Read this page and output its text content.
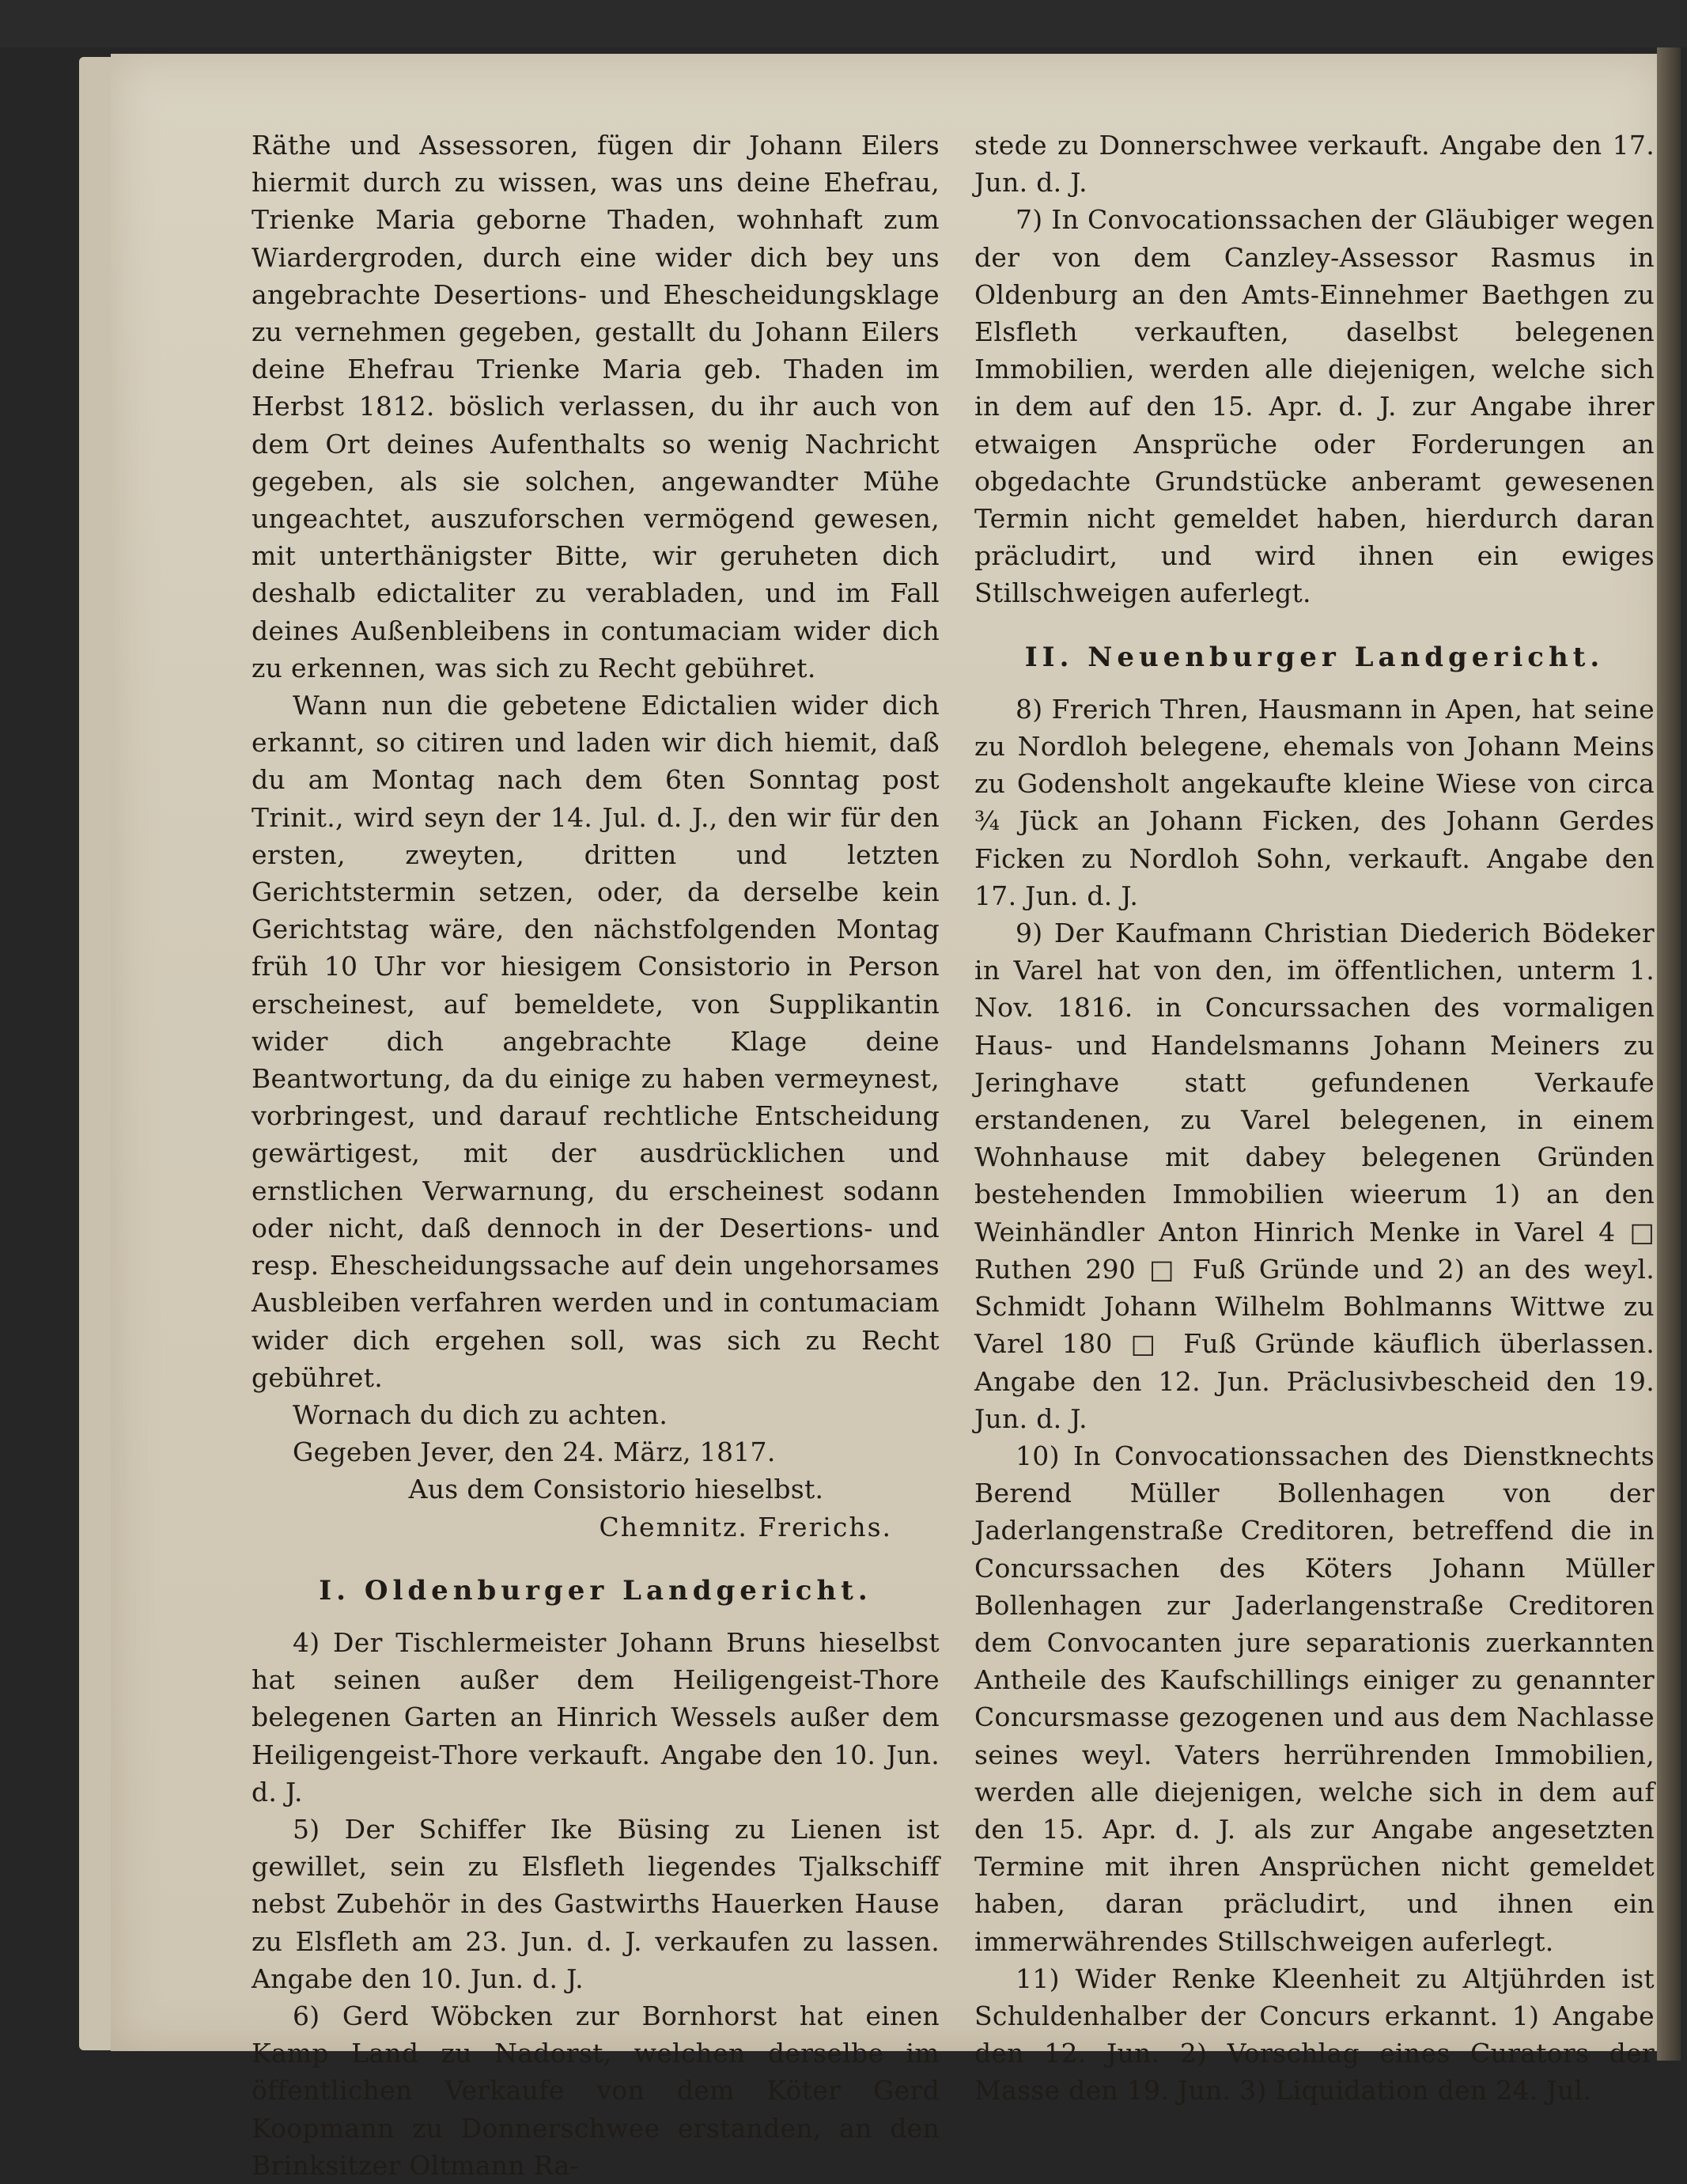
Räthe und Assessoren, fügen dir Johann Eilers hiermit durch zu wissen, was uns deine Ehefrau, Trienke Maria geborne Thaden, wohnhaft zum Wiardergroden, durch eine wider dich bey uns angebrachte Desertions- und Ehescheidungsklage zu vernehmen gegeben, gestallt du Johann Eilers deine Ehefrau Trienke Maria geb. Thaden im Herbst 1812. böslich verlassen, du ihr auch von dem Ort deines Aufenthalts so wenig Nachricht gegeben, als sie solchen, angewandter Mühe ungeachtet, auszuforschen vermögend gewesen, mit unterthänigster Bitte, wir geruheten dich deshalb edictaliter zu verabladen, und im Fall deines Außenbleibens in contumaciam wider dich zu erkennen, was sich zu Recht gebühret.

Wann nun die gebetene Edictalien wider dich erkannt, so citiren und laden wir dich hiemit, daß du am Montag nach dem 6ten Sonntag post Trinit., wird seyn der 14. Jul. d. J., den wir für den ersten, zweyten, dritten und letzten Gerichtstermin setzen, oder, da derselbe kein Gerichtstag wäre, den nächstfolgenden Montag früh 10 Uhr vor hiesigem Consistorio in Person erscheinest, auf bemeldete, von Supplikantin wider dich angebrachte Klage deine Beantwortung, da du einige zu haben vermeynest, vorbringest, und darauf rechtliche Entscheidung gewärtigest, mit der ausdrücklichen und ernstlichen Verwarnung, du erscheinest sodann oder nicht, daß dennoch in der Desertions- und resp. Ehescheidungssache auf dein ungehorsames Ausbleiben verfahren werden und in contumaciam wider dich ergehen soll, was sich zu Recht gebühret.

Wornach du dich zu achten.

Gegeben Jever, den 24. März, 1817.

Aus dem Consistorio hieselbst.

Chemnitz. Frerichs.

I. Oldenburger Landgericht.

4) Der Tischlermeister Johann Bruns hieselbst hat seinen außer dem Heiligengeist-Thore belegenen Garten an Hinrich Wessels außer dem Heiligengeist-Thore verkauft. Angabe den 10. Jun. d. J.

5) Der Schiffer Ike Büsing zu Lienen ist gewillet, sein zu Elsfleth liegendes Tjalkschiff nebst Zubehör in des Gastwirths Hauerken Hause zu Elsfleth am 23. Jun. d. J. verkaufen zu lassen. Angabe den 10. Jun. d. J.

6) Gerd Wöbcken zur Bornhorst hat einen Kamp Land zu Nadorst, welchen derselbe im öffentlichen Verkaufe von dem Köter Gerd Koopmann zu Donnerschwee erstanden, an den Brinksitzer Oltmann Ra-

stede zu Donnerschwee verkauft. Angabe den 17. Jun. d. J.

7) In Convocationssachen der Gläubiger wegen der von dem Canzley-Assessor Rasmus in Oldenburg an den Amts-Einnehmer Baethgen zu Elsfleth verkauften, daselbst belegenen Immobilien, werden alle diejenigen, welche sich in dem auf den 15. Apr. d. J. zur Angabe ihrer etwaigen Ansprüche oder Forderungen an obgedachte Grundstücke anberamt gewesenen Termin nicht gemeldet haben, hierdurch daran präcludirt, und wird ihnen ein ewiges Stillschweigen auferlegt.

II. Neuenburger Landgericht.

8) Frerich Thren, Hausmann in Apen, hat seine zu Nordloh belegene, ehemals von Johann Meins zu Godensholt angekaufte kleine Wiese von circa ¾ Jück an Johann Ficken, des Johann Gerdes Ficken zu Nordloh Sohn, verkauft. Angabe den 17. Jun. d. J.

9) Der Kaufmann Christian Diederich Bödeker in Varel hat von den, im öffentlichen, unterm 1. Nov. 1816. in Concurssachen des vormaligen Haus- und Handelsmanns Johann Meiners zu Jeringhave statt gefundenen Verkaufe erstandenen, zu Varel belegenen, in einem Wohnhause mit dabey belegenen Gründen bestehenden Immobilien wieerum 1) an den Weinhändler Anton Hinrich Menke in Varel 4 □ Ruthen 290 □ Fuß Gründe und 2) an des weyl. Schmidt Johann Wilhelm Bohlmanns Wittwe zu Varel 180 □ Fuß Gründe käuflich überlassen. Angabe den 12. Jun. Präclusivbescheid den 19. Jun. d. J.

10) In Convocationssachen des Dienstknechts Berend Müller Bollenhagen von der Jaderlangenstraße Creditoren, betreffend die in Concurssachen des Köters Johann Müller Bollenhagen zur Jaderlangenstraße Creditoren dem Convocanten jure separationis zuerkannten Antheile des Kaufschillings einiger zu genannter Concursmasse gezogenen und aus dem Nachlasse seines weyl. Vaters herrührenden Immobilien, werden alle diejenigen, welche sich in dem auf den 15. Apr. d. J. als zur Angabe angesetzten Termine mit ihren Ansprüchen nicht gemeldet haben, daran präcludirt, und ihnen ein immerwährendes Stillschweigen auferlegt.

11) Wider Renke Kleenheit zu Altjührden ist Schuldenhalber der Concurs erkannt. 1) Angabe den 12. Jun. 2) Vorschlag eines Curators der Masse den 19. Jun. 3) Liquidation den 24. Jul.
